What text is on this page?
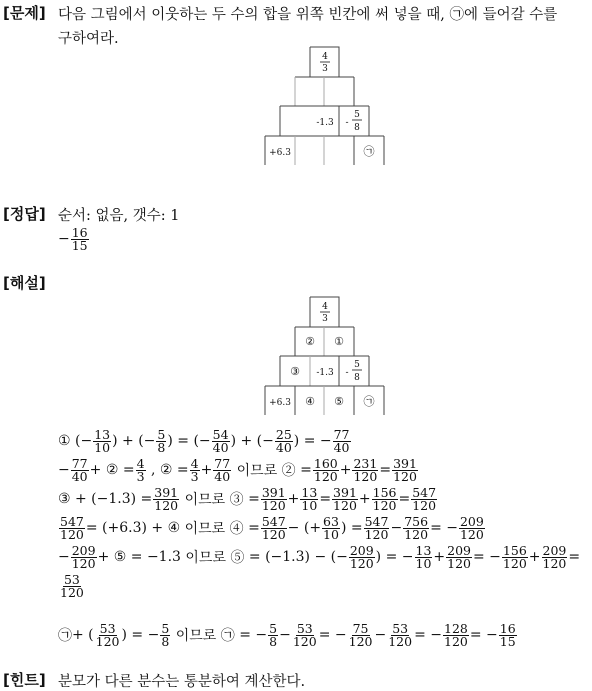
[문제] 다음 그림에서 이웃하는 두 수의 합을 위쪽 빈칸에 써 넣을 때, ㉠에 들어갈 수를
구하여라.
4
3
-1.3 -
5
8
+6.3	㉠
[정답] 순서: 없음, 갯수: 1
− $\frac{16}{15}$
[해설]
4
3
② ①
③ -1.3 -
5
8
+6.3 ④ ⑤ ㉠
① (− $\frac{13}{10}$ ) + (− $\frac{5}{8}$ ) = (− $\frac{54}{40}$ ) + (− $\frac{25}{40}$ ) = − $\frac{77}{40}$
− $\frac{77}{40}$ + ② = $\frac{4}{3}$ , ② = $\frac{4}{3} + \frac{77}{40}$
이므로 ② = $\frac{160}{120} + \frac{231}{120} = \frac{391}{120}$
③ + $(-1.3) = \frac{391}{120}$
이므로 ③ = $\frac{391}{120} + \frac{13}{10} = \frac{391}{120} + \frac{156}{120} = \frac{547}{120}$
$\frac{547}{120} = (+6.3)$ + ④ 이므로 ④ = $\frac{547}{120}$ − (+ $\frac{63}{10}$ ) = $\frac{547}{120} - \frac{756}{120}$ = − $\frac{209}{120}$
− $\frac{209}{120}$ + ⑤ = −1.3 이므로 ⑤ = (−1.3) − (− $\frac{209}{120}$ ) = − $\frac{13}{10} + \frac{209}{120}$ = − $\frac{156}{120} + \frac{209}{120}$ =
$\frac{53}{120}$
㉠ + ( $\frac{53}{120}$ ) = − $\frac{5}{8}$
이므로 ㉠ = − $\frac{5}{8} - \frac{53}{120}$ = − $\frac{75}{120} - \frac{53}{120}$ = − $\frac{128}{120}$ = − $\frac{16}{15}$
[힌트] 분모가 다른 분수는 통분하여 계산한다.
